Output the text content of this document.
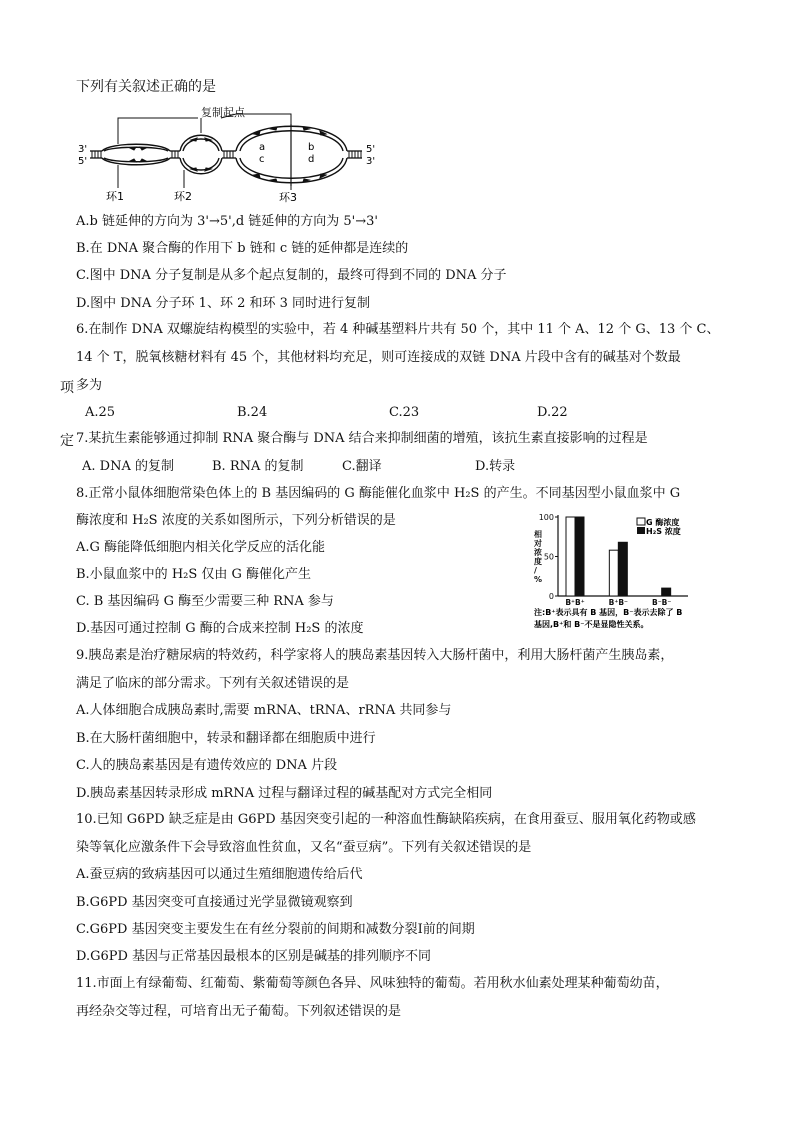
下列有关叙述正确的是
复制起点
3'
5'
5'
3'
a
c
b
d
环1	环2	环3
A.b 链延伸的方向为 3'→5',d 链延伸的方向为 5'→3'
B.在 DNA 聚合酶的作用下 b 链和 c 链的延伸都是连续的
C.图中 DNA 分子复制是从多个起点复制的，最终可得到不同的 DNA 分子
D.图中 DNA 分子环 1、环 2 和环 3 同时进行复制
6.在制作 DNA 双螺旋结构模型的实验中，若 4 种碱基塑料片共有 50 个，其中 11 个 A、12 个 G、13 个 C、
14 个 T，脱氧核糖材料有 45 个，其他材料均充足，则可连接成的双链 DNA 片段中含有的碱基对个数最
项 多为
A.25	B.24	C.23	D.22
定 7.某抗生素能够通过抑制 RNA 聚合酶与 DNA 结合来抑制细菌的增殖，该抗生素直接影响的过程是
A. DNA 的复制	B. RNA 的复制	C.翻译	D.转录
8.正常小鼠体细胞常染色体上的 B 基因编码的 G 酶能催化血浆中 H₂S 的产生。不同基因型小鼠血浆中 G
酶浓度和 H₂S 浓度的关系如图所示，下列分析错误的是
A.G 酶能降低细胞内相关化学反应的活化能
B.小鼠血浆中的 H₂S 仅由 G 酶催化产生
C. B 基因编码 G 酶至少需要三种 RNA 参与
D.基因可通过控制 G 酶的合成来控制 H₂S 的浓度
100
50
0
B⁺B⁺	B⁺B⁻	B⁻B⁻
相对浓度/ %
G 酶浓度
H₂S 浓度
注:B⁺表示具有 B 基因，B⁻表示去除了 B
基因,B⁺和 B⁻不是显隐性关系。
9.胰岛素是治疗糖尿病的特效药，科学家将人的胰岛素基因转入大肠杆菌中，利用大肠杆菌产生胰岛素，
满足了临床的部分需求。下列有关叙述错误的是
A.人体细胞合成胰岛素时,需要 mRNA、tRNA、rRNA 共同参与
B.在大肠杆菌细胞中，转录和翻译都在细胞质中进行
C.人的胰岛素基因是有遗传效应的 DNA 片段
D.胰岛素基因转录形成 mRNA 过程与翻译过程的碱基配对方式完全相同
10.已知 G6PD 缺乏症是由 G6PD 基因突变引起的一种溶血性酶缺陷疾病，在食用蚕豆、服用氧化药物或感
染等氧化应激条件下会导致溶血性贫血，又名“蚕豆病”。下列有关叙述错误的是
A.蚕豆病的致病基因可以通过生殖细胞遗传给后代
B.G6PD 基因突变可直接通过光学显微镜观察到
C.G6PD 基因突变主要发生在有丝分裂前的间期和减数分裂Ⅰ前的间期
D.G6PD 基因与正常基因最根本的区别是碱基的排列顺序不同
11.市面上有绿葡萄、红葡萄、紫葡萄等颜色各异、风味独特的葡萄。若用秋水仙素处理某种葡萄幼苗，
再经杂交等过程，可培育出无子葡萄。下列叙述错误的是
